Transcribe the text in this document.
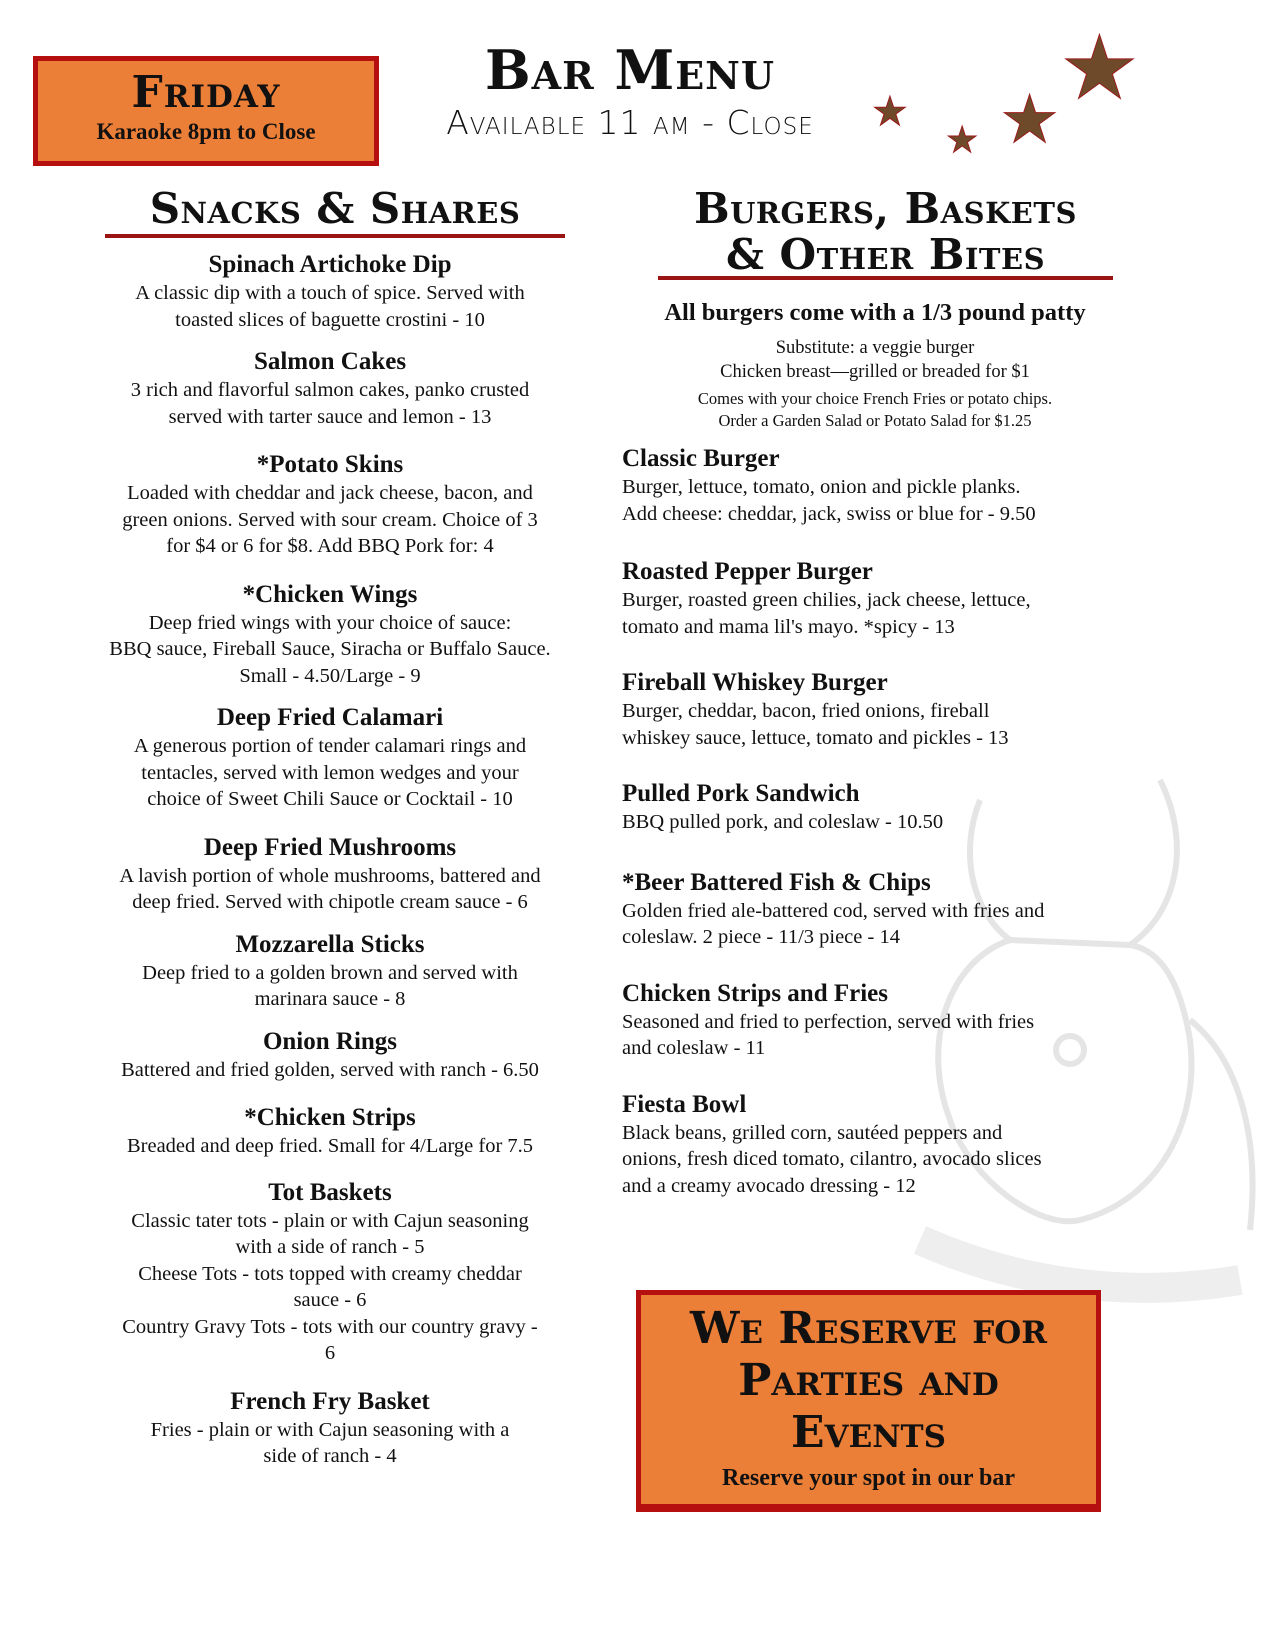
Friday
Karaoke 8pm to Close
Bar Menu
Available 11 am - Close	★
★ ★
★
Snacks & Shares
Spinach Artichoke Dip
A classic dip with a touch of spice. Served with
toasted slices of baguette crostini - 10
Salmon Cakes
3 rich and flavorful salmon cakes, panko crusted
served with tarter sauce and lemon - 13
*Potato Skins
Loaded with cheddar and jack cheese, bacon, and
green onions. Served with sour cream. Choice of 3
for $4 or 6 for $8. Add BBQ Pork for: 4
*Chicken Wings
Deep fried wings with your choice of sauce:
BBQ sauce, Fireball Sauce, Siracha or Buffalo Sauce.
Small - 4.50/Large - 9
Deep Fried Calamari
A generous portion of tender calamari rings and
tentacles, served with lemon wedges and your
choice of Sweet Chili Sauce or Cocktail - 10
Deep Fried Mushrooms
A lavish portion of whole mushrooms, battered and
deep fried. Served with chipotle cream sauce - 6
Mozzarella Sticks
Deep fried to a golden brown and served with
marinara sauce - 8
Onion Rings
Battered and fried golden, served with ranch - 6.50
*Chicken Strips
Breaded and deep fried. Small for 4/Large for 7.5
Tot Baskets
Classic tater tots - plain or with Cajun seasoning
with a side of ranch - 5
Cheese Tots - tots topped with creamy cheddar
sauce - 6
Country Gravy Tots - tots with our country gravy -
6
French Fry Basket
Fries - plain or with Cajun seasoning with a
side of ranch - 4
Burgers, Baskets
& Other Bites
All burgers come with a 1/3 pound patty
Substitute: a veggie burger
Chicken breast—grilled or breaded for $1
Comes with your choice French Fries or potato chips.
Order a Garden Salad or Potato Salad for $1.25
Classic Burger
Burger, lettuce, tomato, onion and pickle planks.
Add cheese: cheddar, jack, swiss or blue for - 9.50
Roasted Pepper Burger
Burger, roasted green chilies, jack cheese, lettuce,
tomato and mama lil's mayo. *spicy - 13
Fireball Whiskey Burger
Burger, cheddar, bacon, fried onions, fireball
whiskey sauce, lettuce, tomato and pickles - 13
Pulled Pork Sandwich
BBQ pulled pork, and coleslaw - 10.50
*Beer Battered Fish & Chips
Golden fried ale-battered cod, served with fries and
coleslaw. 2 piece - 11/3 piece - 14
Chicken Strips and Fries
Seasoned and fried to perfection, served with fries
and coleslaw - 11
Fiesta Bowl
Black beans, grilled corn, sautéed peppers and
onions, fresh diced tomato, cilantro, avocado slices
and a creamy avocado dressing - 12
We Reserve for
Parties and
Events
Reserve your spot in our bar
